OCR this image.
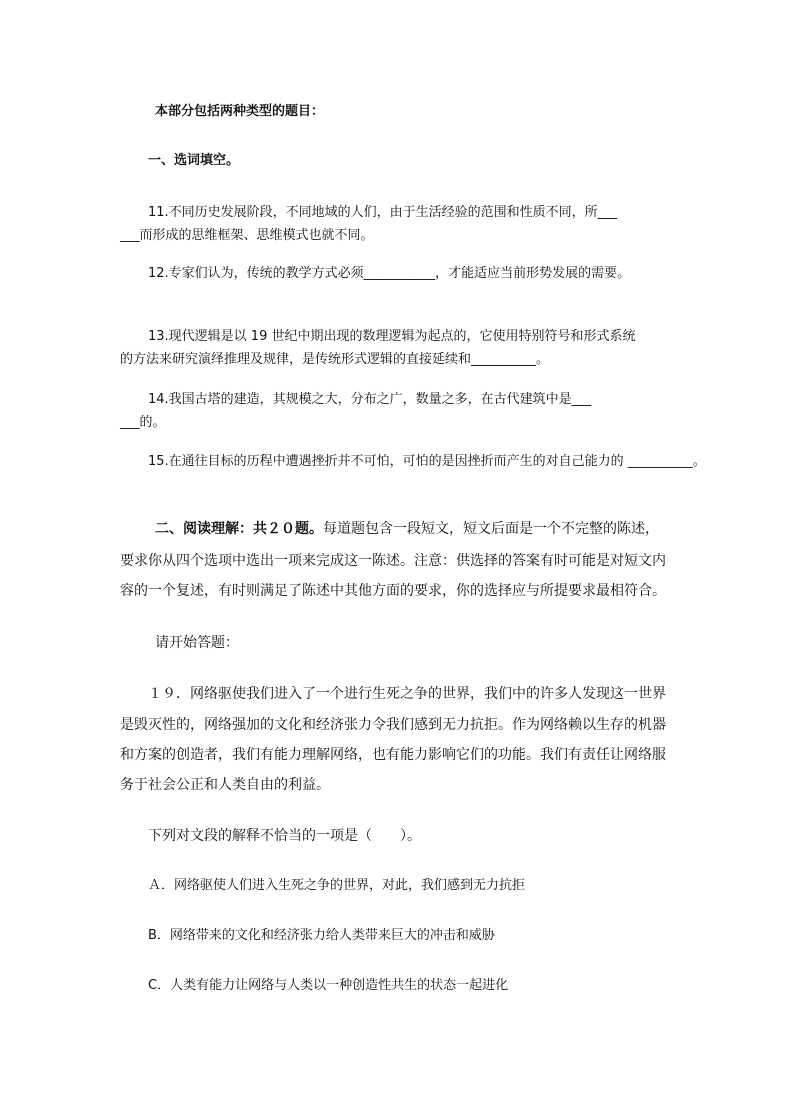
本部分包括两种类型的题目：
一、选词填空。
11.不同历史发展阶段，不同地域的人们，由于生活经验的范围和性质不同，所___
___而形成的思维框架、思维模式也就不同。
12.专家们认为，传统的教学方式必须___________，才能适应当前形势发展的需要。
13.现代逻辑是以 19 世纪中期出现的数理逻辑为起点的，它使用特别符号和形式系统
的方法来研究演绎推理及规律，是传统形式逻辑的直接延续和__________。
14.我国古塔的建造，其规模之大，分布之广，数量之多，在古代建筑中是___
___的。
15.在通往目标的历程中遭遇挫折并不可怕，可怕的是因挫折而产生的对自己能力的 __________。
二、阅读理解：共２０题。每道题包含一段短文，短文后面是一个不完整的陈述，
要求你从四个选项中选出一项来完成这一陈述。注意：供选择的答案有时可能是对短文内
容的一个复述，有时则满足了陈述中其他方面的要求，你的选择应与所提要求最相符合。
请开始答题：
１９．网络驱使我们进入了一个进行生死之争的世界，我们中的许多人发现这一世界
是毁灭性的，网络强加的文化和经济张力令我们感到无力抗拒。作为网络赖以生存的机器
和方案的创造者，我们有能力理解网络，也有能力影响它们的功能。我们有责任让网络服
务于社会公正和人类自由的利益。
下列对文段的解释不恰当的一项是（　　）。
Ａ．网络驱使人们进入生死之争的世界，对此，我们感到无力抗拒
B．网络带来的文化和经济张力给人类带来巨大的冲击和威胁
C．人类有能力让网络与人类以一种创造性共生的状态一起进化
